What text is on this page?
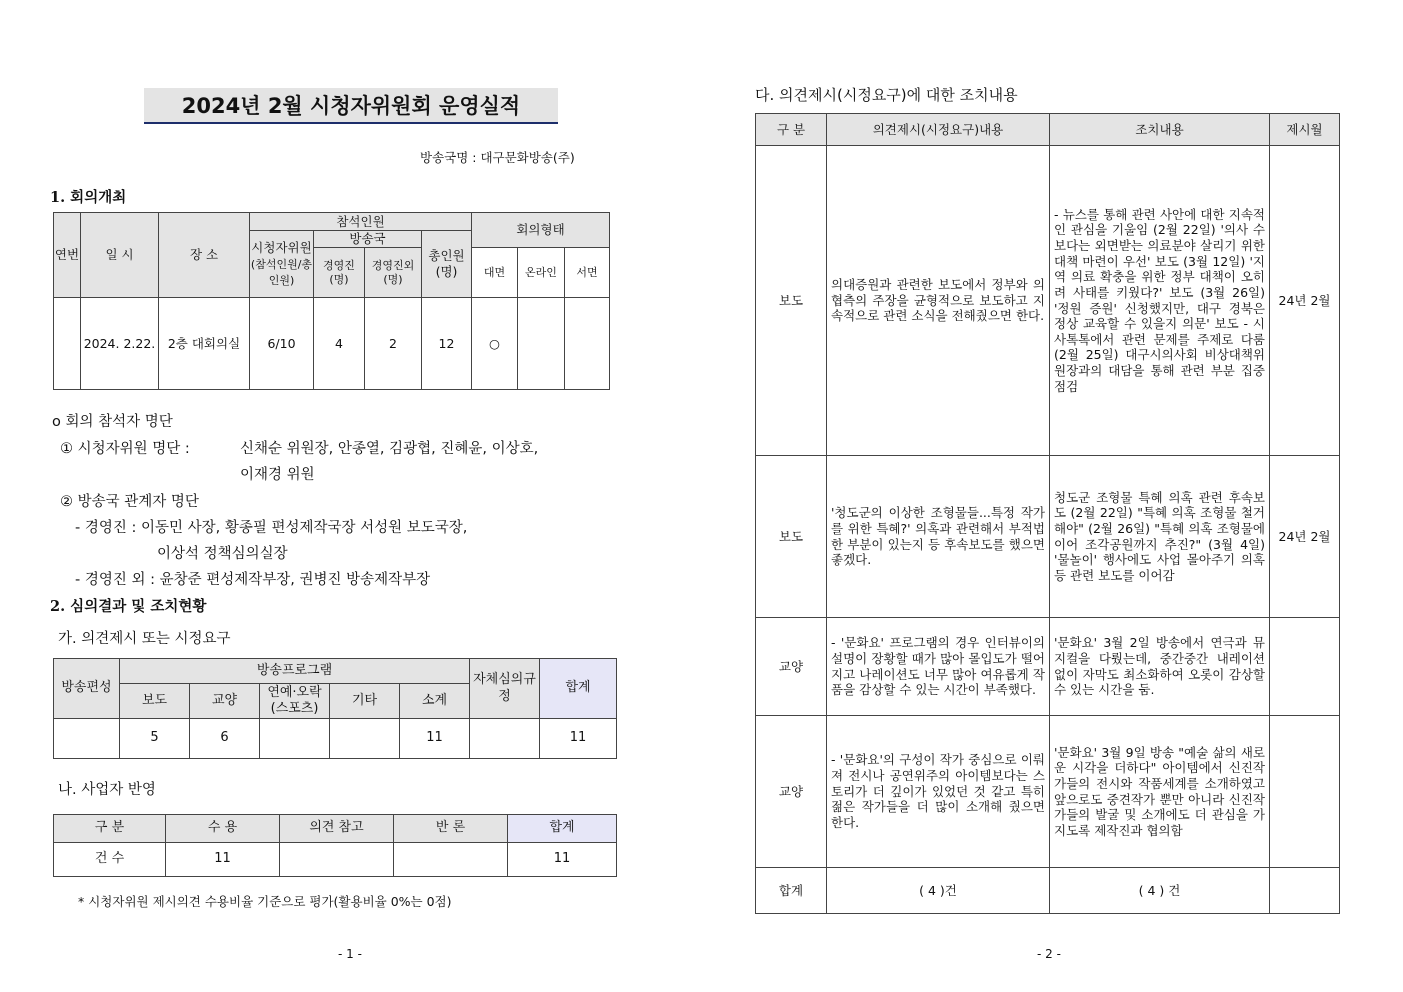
2024년 2월 시청자위원회 운영실적
방송국명 : 대구문화방송(주)
1. 회의개최
연번	일 시	장 소	참석인원				회의형태		
			시청자위원
(참석인원/총인원)	방송국		총인원(명)			
				경영진(명)	경영진외(명)		대면	온라인	서면
	2024. 2.22.	2층 대회의실	6/10	4	2	12	○		
o 회의 참석자 명단
① 시청자위원 명단 :	신채순 위원장, 안종열, 김광협, 진혜윤, 이상호,
이재경 위원
② 방송국 관계자 명단
- 경영진 : 이동민 사장, 황종필 편성제작국장 서성원 보도국장,
이상석 정책심의실장
- 경영진 외 : 윤창준 편성제작부장, 권병진 방송제작부장
2. 심의결과 및 조치현황
가. 의견제시 또는 시정요구
방송편성	방송프로그램					자체심의규정	합계
	보도	교양	연예·오락(스포츠)	기타	소계		
	5	6			11		11
나. 사업자 반영
구 분	수 용	의견 참고	반 론	합계
건 수	11			11
* 시청자위원 제시의견 수용비율 기준으로 평가(활용비율 0%는 0점)
- 1 -
다. 의견제시(시정요구)에 대한 조치내용
구 분	의견제시(시정요구)내용	조치내용	제시월
보도	의대증원과 관련한 보도에서 정부와 의협측의 주장을 균형적으로 보도하고 지속적으로 관련 소식을 전해줬으면 한다.	- 뉴스를 통해 관련 사안에 대한 지속적인 관심을 기울임 (2월 22일) '의사 수보다는 외면받는 의료분야 살리기 위한 대책 마련이 우선' 보도 (3월 12일) '지역 의료 확충을 위한 정부 대책이 오히려 사태를 키웠다?' 보도 (3월 26일) '정원 증원' 신청했지만, 대구 경북은 정상 교육할 수 있을지 의문' 보도 - 시사톡톡에서 관련 문제를 주제로 다룸 (2월 25일) 대구시의사회 비상대책위원장과의 대담을 통해 관련 부분 집중 점검	24년 2월
보도	'청도군의 이상한 조형물들...특정 작가를 위한 특혜?' 의혹과 관련해서 부적법한 부분이 있는지 등 후속보도를 했으면 좋겠다.	청도군 조형물 특혜 의혹 관련 후속보도 (2월 22일) "특혜 의혹 조형물 철거해야" (2월 26일) "특혜 의혹 조형물에 이어 조각공원까지 추진?" (3월 4일) '물놀이' 행사에도 사업 몰아주기 의혹 등 관련 보도를 이어감	24년 2월
교양	- '문화요' 프로그램의 경우 인터뷰이의 설명이 장황할 때가 많아 몰입도가 떨어지고 나레이션도 너무 많아 여유롭게 작품을 감상할 수 있는 시간이 부족했다.	'문화요' 3월 2일 방송에서 연극과 뮤지컬을 다뤘는데, 중간중간 내레이션 없이 자막도 최소화하여 오롯이 감상할 수 있는 시간을 둠.	
교양	- '문화요'의 구성이 작가 중심으로 이뤄져 전시나 공연위주의 아이템보다는 스토리가 더 깊이가 있었던 것 같고 특히 젊은 작가들을 더 많이 소개해 줬으면 한다.	'문화요' 3월 9일 방송 "예술 삶의 새로운 시각을 더하다" 아이템에서 신진작가들의 전시와 작품세계를 소개하였고 앞으로도 중견작가 뿐만 아니라 신진작가들의 발굴 및 소개에도 더 관심을 가지도록 제작진과 협의함	
합계	( 4 )건	( 4 ) 건	
- 2 -
